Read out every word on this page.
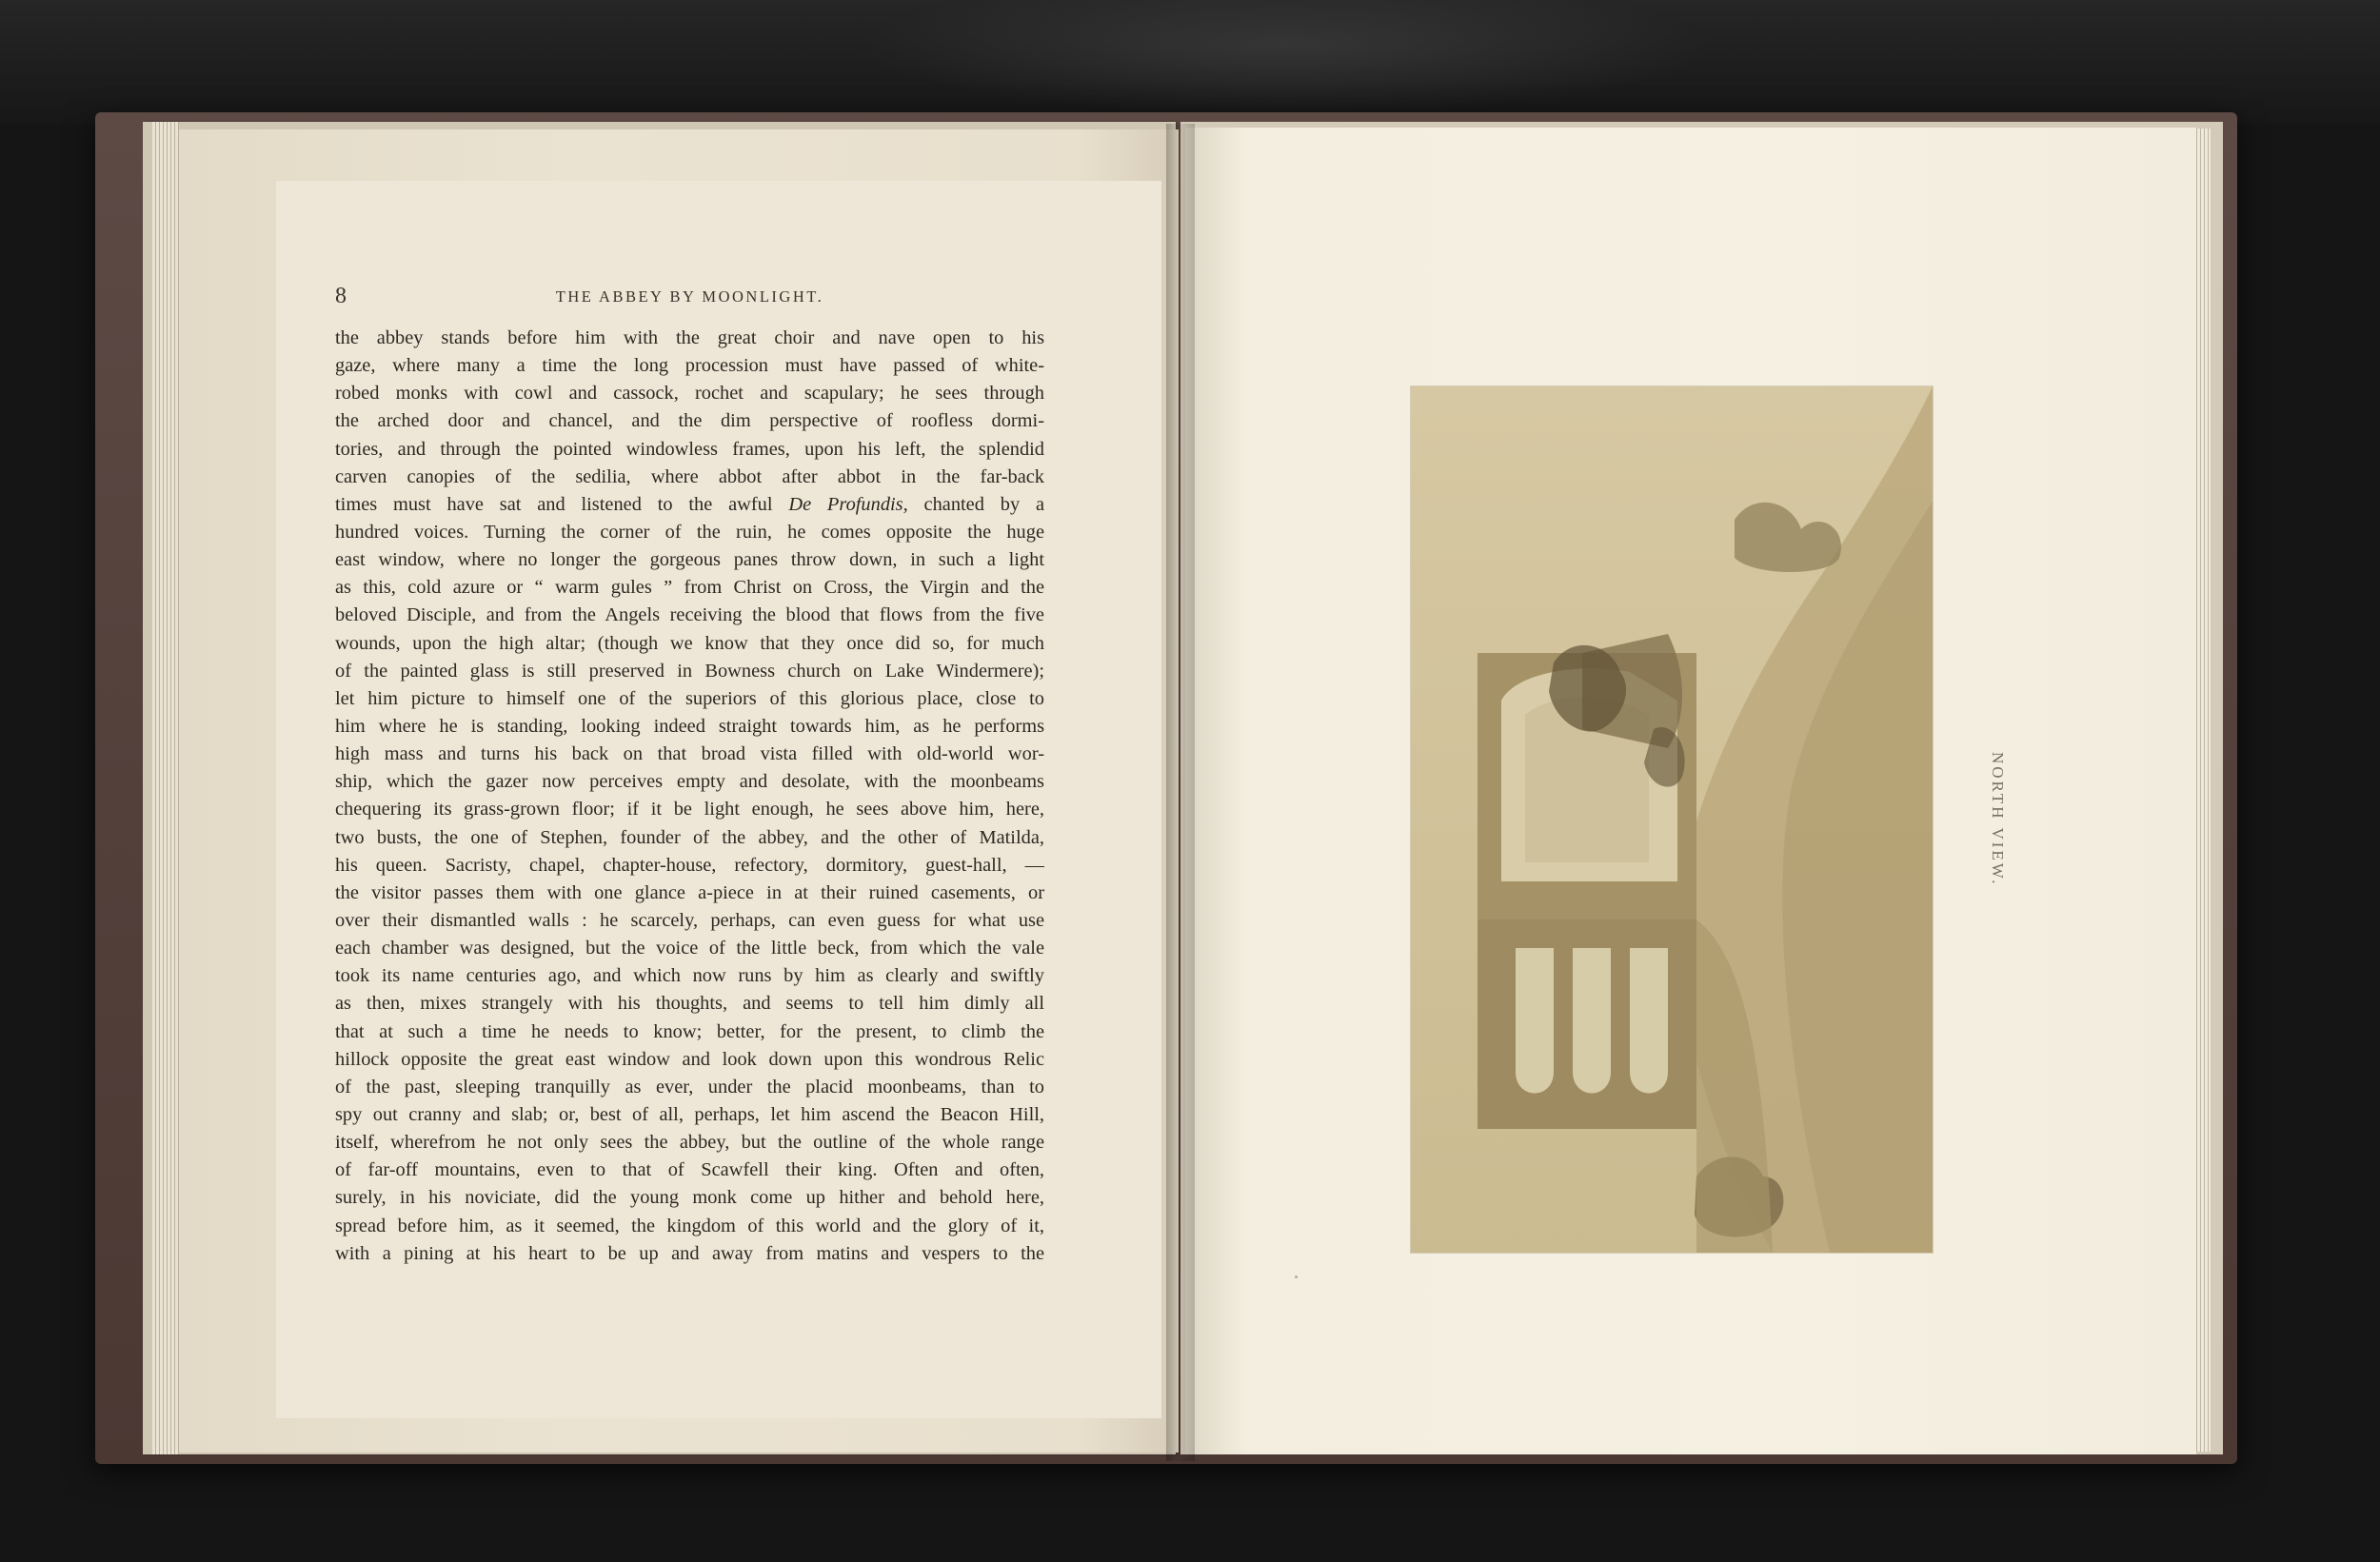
8	THE ABBEY BY MOONLIGHT.
the abbey stands before him with the great choir and nave open to his
gaze, where many a time the long procession must have passed of white-
robed monks with cowl and cassock, rochet and scapulary; he sees through
the arched door and chancel, and the dim perspective of roofless dormi-
tories, and through the pointed windowless frames, upon his left, the splendid
carven canopies of the sedilia, where abbot after abbot in the far-back
times must have sat and listened to the awful De Profundis, chanted by a
hundred voices. Turning the corner of the ruin, he comes opposite the huge
east window, where no longer the gorgeous panes throw down, in such a light
as this, cold azure or “ warm gules ” from Christ on Cross, the Virgin and the
beloved Disciple, and from the Angels receiving the blood that flows from the five
wounds, upon the high altar; (though we know that they once did so, for much
of the painted glass is still preserved in Bowness church on Lake Windermere);
let him picture to himself one of the superiors of this glorious place, close to
him where he is standing, looking indeed straight towards him, as he performs
high mass and turns his back on that broad vista filled with old-world wor-
ship, which the gazer now perceives empty and desolate, with the moonbeams
chequering its grass-grown floor; if it be light enough, he sees above him, here,
two busts, the one of Stephen, founder of the abbey, and the other of Matilda,
his queen. Sacristy, chapel, chapter-house, refectory, dormitory, guest-hall, —
the visitor passes them with one glance a-piece in at their ruined casements, or
over their dismantled walls : he scarcely, perhaps, can even guess for what use
each chamber was designed, but the voice of the little beck, from which the vale
took its name centuries ago, and which now runs by him as clearly and swiftly
as then, mixes strangely with his thoughts, and seems to tell him dimly all
that at such a time he needs to know; better, for the present, to climb the
hillock opposite the great east window and look down upon this wondrous Relic
of the past, sleeping tranquilly as ever, under the placid moonbeams, than to
spy out cranny and slab; or, best of all, perhaps, let him ascend the Beacon Hill,
itself, wherefrom he not only sees the abbey, but the outline of the whole range
of far-off mountains, even to that of Scawfell their king. Often and often,
surely, in his noviciate, did the young monk come up hither and behold here,
spread before him, as it seemed, the kingdom of this world and the glory of it,
with a pining at his heart to be up and away from matins and vespers to the
NORTH VIEW.
